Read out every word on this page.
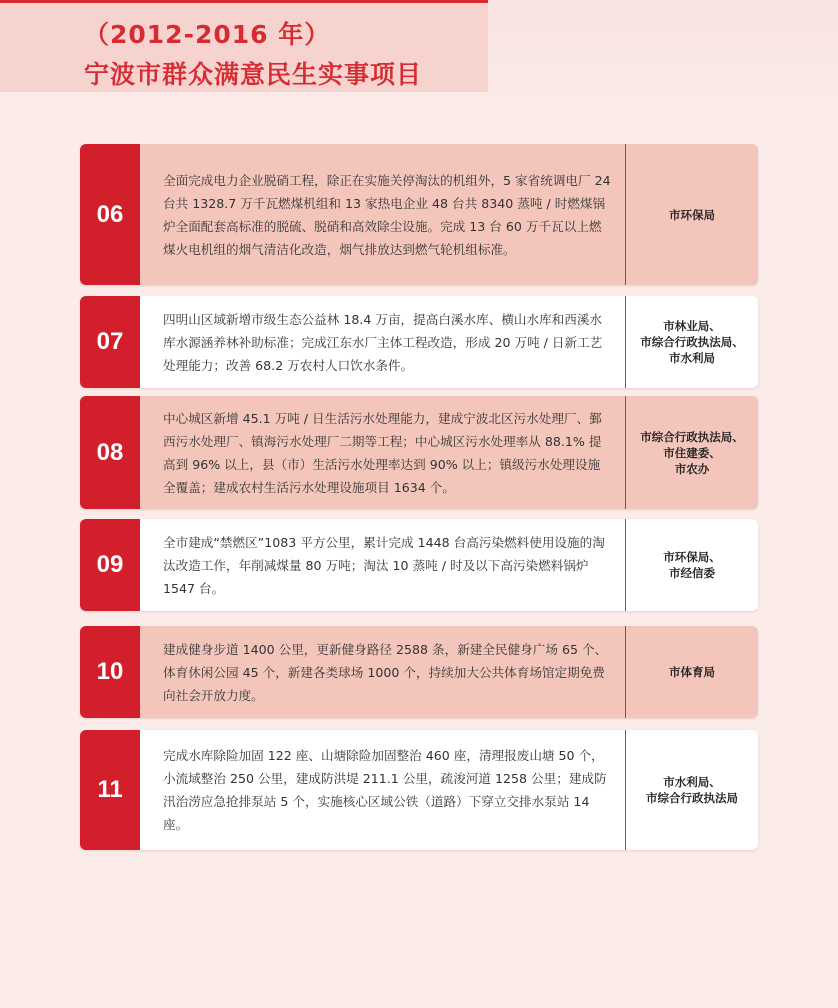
（2012-2016 年）
宁波市群众满意民生实事项目
06
全面完成电力企业脱硝工程，除正在实施关停淘汰的机组外，5 家省统调电厂 24 台共 1328.7 万千瓦燃煤机组和 13 家热电企业 48 台共 8340 蒸吨 / 时燃煤锅炉全面配套高标准的脱硫、脱硝和高效除尘设施。完成 13 台 60 万千瓦以上燃煤火电机组的烟气清洁化改造，烟气排放达到燃气轮机组标准。
市环保局
07
四明山区域新增市级生态公益林 18.4 万亩，提高白溪水库、横山水库和西溪水库水源涵养林补助标准；完成江东水厂主体工程改造，形成 20 万吨 / 日新工艺处理能力；改善 68.2 万农村人口饮水条件。
市林业局、
市综合行政执法局、
市水利局
08
中心城区新增 45.1 万吨 / 日生活污水处理能力，建成宁波北区污水处理厂、鄞西污水处理厂、镇海污水处理厂二期等工程；中心城区污水处理率从 88.1% 提高到 96% 以上，县（市）生活污水处理率达到 90% 以上；镇级污水处理设施全覆盖；建成农村生活污水处理设施项目 1634 个。
市综合行政执法局、
市住建委、
市农办
09
全市建成“禁燃区”1083 平方公里，累计完成 1448 台高污染燃料使用设施的淘汰改造工作，年削减煤量 80 万吨；淘汰 10 蒸吨 / 时及以下高污染燃料锅炉 1547 台。
市环保局、
市经信委
10
建成健身步道 1400 公里，更新健身路径 2588 条，新建全民健身广场 65 个、体育休闲公园 45 个，新建各类球场 1000 个，持续加大公共体育场馆定期免费向社会开放力度。
市体育局
11
完成水库除险加固 122 座、山塘除险加固整治 460 座，清理报废山塘 50 个，小流域整治 250 公里，建成防洪堤 211.1 公里，疏浚河道 1258 公里；建成防汛治涝应急抢排泵站 5 个，实施核心区域公铁（道路）下穿立交排水泵站 14 座。
市水利局、
市综合行政执法局
